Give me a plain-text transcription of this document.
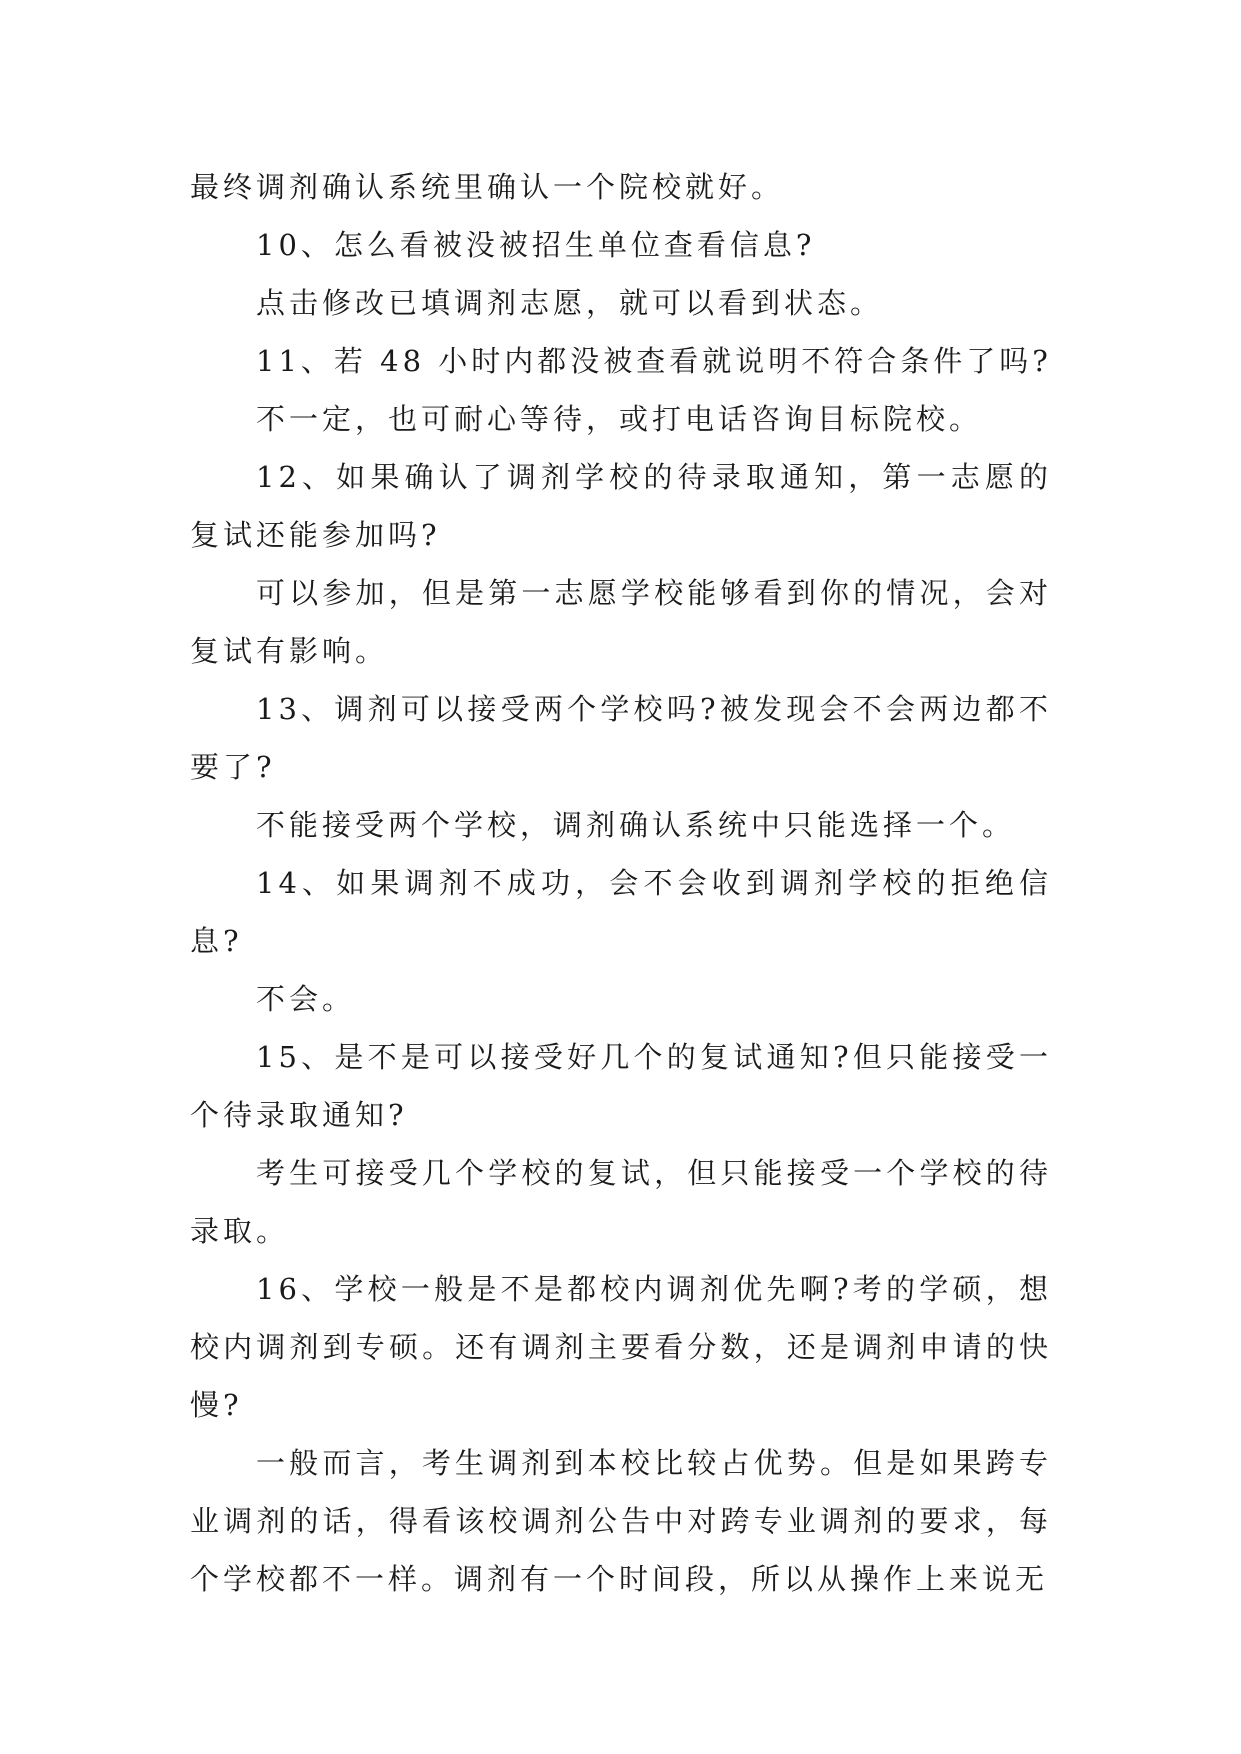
最终调剂确认系统里确认一个院校就好。

10、怎么看被没被招生单位查看信息?

点击修改已填调剂志愿，就可以看到状态。

11、若 48 小时内都没被查看就说明不符合条件了吗?

不一定，也可耐心等待，或打电话咨询目标院校。

12、如果确认了调剂学校的待录取通知，第一志愿的复试还能参加吗?

可以参加，但是第一志愿学校能够看到你的情况，会对复试有影响。

13、调剂可以接受两个学校吗?被发现会不会两边都不要了?

不能接受两个学校，调剂确认系统中只能选择一个。

14、如果调剂不成功，会不会收到调剂学校的拒绝信息?

不会。

15、是不是可以接受好几个的复试通知?但只能接受一个待录取通知?

考生可接受几个学校的复试，但只能接受一个学校的待录取。

16、学校一般是不是都校内调剂优先啊?考的学硕，想校内调剂到专硕。还有调剂主要看分数，还是调剂申请的快慢?

一般而言，考生调剂到本校比较占优势。但是如果跨专业调剂的话，得看该校调剂公告中对跨专业调剂的要求，每个学校都不一样。调剂有一个时间段，所以从操作上来说无
